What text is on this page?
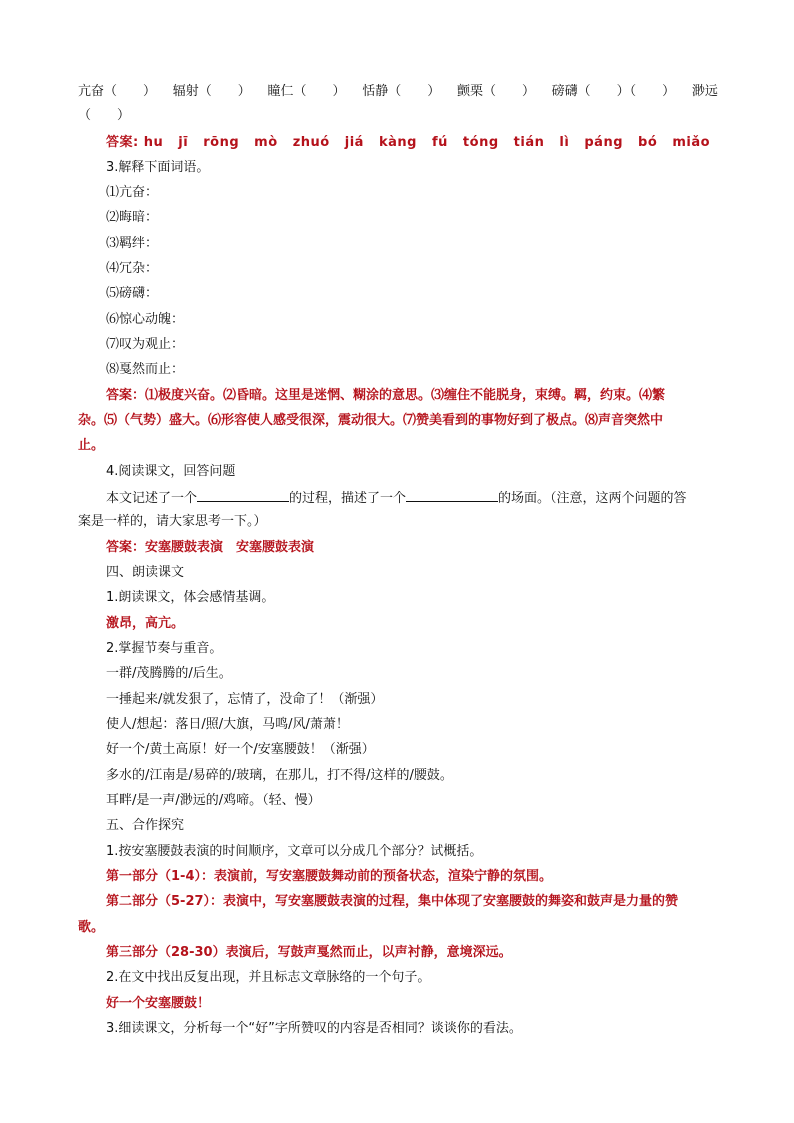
亢奋（　　） 辐射（　　） 瞳仁（　　） 恬静（　　） 颤栗（　　） 磅礴（　　）（　　） 渺远
（　　）
答案: hu jī rōng mò zhuó jiá kàng fú tóng tián lì páng bó miǎo
3.解释下面词语。
⑴亢奋：
⑵晦暗：
⑶羁绊：
⑷冗杂：
⑸磅礴：
⑹惊心动魄：
⑺叹为观止：
⑻戛然而止：
答案：⑴极度兴奋。⑵昏暗。这里是迷惘、糊涂的意思。⑶缠住不能脱身，束缚。羁，约束。⑷繁
杂。⑸（气势）盛大。⑹形容使人感受很深，震动很大。⑺赞美看到的事物好到了极点。⑻声音突然中
止。
4.阅读课文，回答问题
本文记述了一个	的过程，描述了一个	的场面。（注意，这两个问题的答
案是一样的，请大家思考一下。）
答案：安塞腰鼓表演　安塞腰鼓表演
四、朗读课文
1.朗读课文，体会感情基调。
激昂，高亢。
2.掌握节奏与重音。
一群/茂腾腾的/后生。
一捶起来/就发狠了，忘情了，没命了！（渐强）
使人/想起：落日/照/大旗，马鸣/风/萧萧！
好一个/黄土高原！好一个/安塞腰鼓！（渐强）
多水的/江南是/易碎的/玻璃，在那儿，打不得/这样的/腰鼓。
耳畔/是一声/渺远的/鸡啼。（轻、慢）
五、合作探究
1.按安塞腰鼓表演的时间顺序，文章可以分成几个部分？试概括。
第一部分（1-4）：表演前，写安塞腰鼓舞动前的预备状态，渲染宁静的氛围。
第二部分（5-27）：表演中，写安塞腰鼓表演的过程，集中体现了安塞腰鼓的舞姿和鼓声是力量的赞
歌。
第三部分（28-30）表演后，写鼓声戛然而止，以声衬静，意境深远。
2.在文中找出反复出现，并且标志文章脉络的一个句子。
好一个安塞腰鼓！
3.细读课文，分析每一个“好”字所赞叹的内容是否相同？谈谈你的看法。
